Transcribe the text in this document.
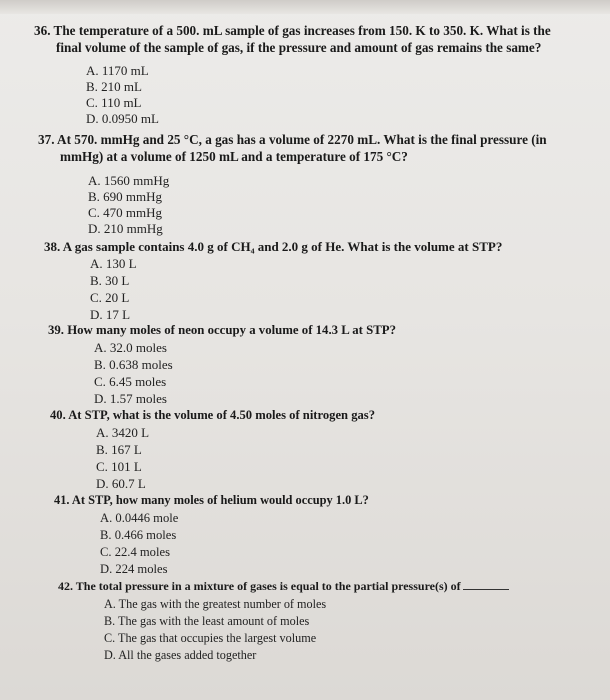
36. The temperature of a 500. mL sample of gas increases from 150. K to 350. K. What is the
final volume of the sample of gas, if the pressure and amount of gas remains the same?
A. 1170 mL
B. 210 mL
C. 110 mL
D. 0.0950 mL
37. At 570. mmHg and 25 °C, a gas has a volume of 2270 mL. What is the final pressure (in
mmHg) at a volume of 1250 mL and a temperature of 175 °C?
A. 1560 mmHg
B. 690 mmHg
C. 470 mmHg
D. 210 mmHg
38. A gas sample contains 4.0 g of CH₄ and 2.0 g of He. What is the volume at STP?
A. 130 L
B. 30 L
C. 20 L
D. 17 L
39. How many moles of neon occupy a volume of 14.3 L at STP?
A. 32.0 moles
B. 0.638 moles
C. 6.45 moles
D. 1.57 moles
40. At STP, what is the volume of 4.50 moles of nitrogen gas?
A. 3420 L
B. 167 L
C. 101 L
D. 60.7 L
41. At STP, how many moles of helium would occupy 1.0 L?
A. 0.0446 mole
B. 0.466 moles
C. 22.4 moles
D. 224 moles
42. The total pressure in a mixture of gases is equal to the partial pressure(s) of
A. The gas with the greatest number of moles
B. The gas with the least amount of moles
C. The gas that occupies the largest volume
D. All the gases added together
